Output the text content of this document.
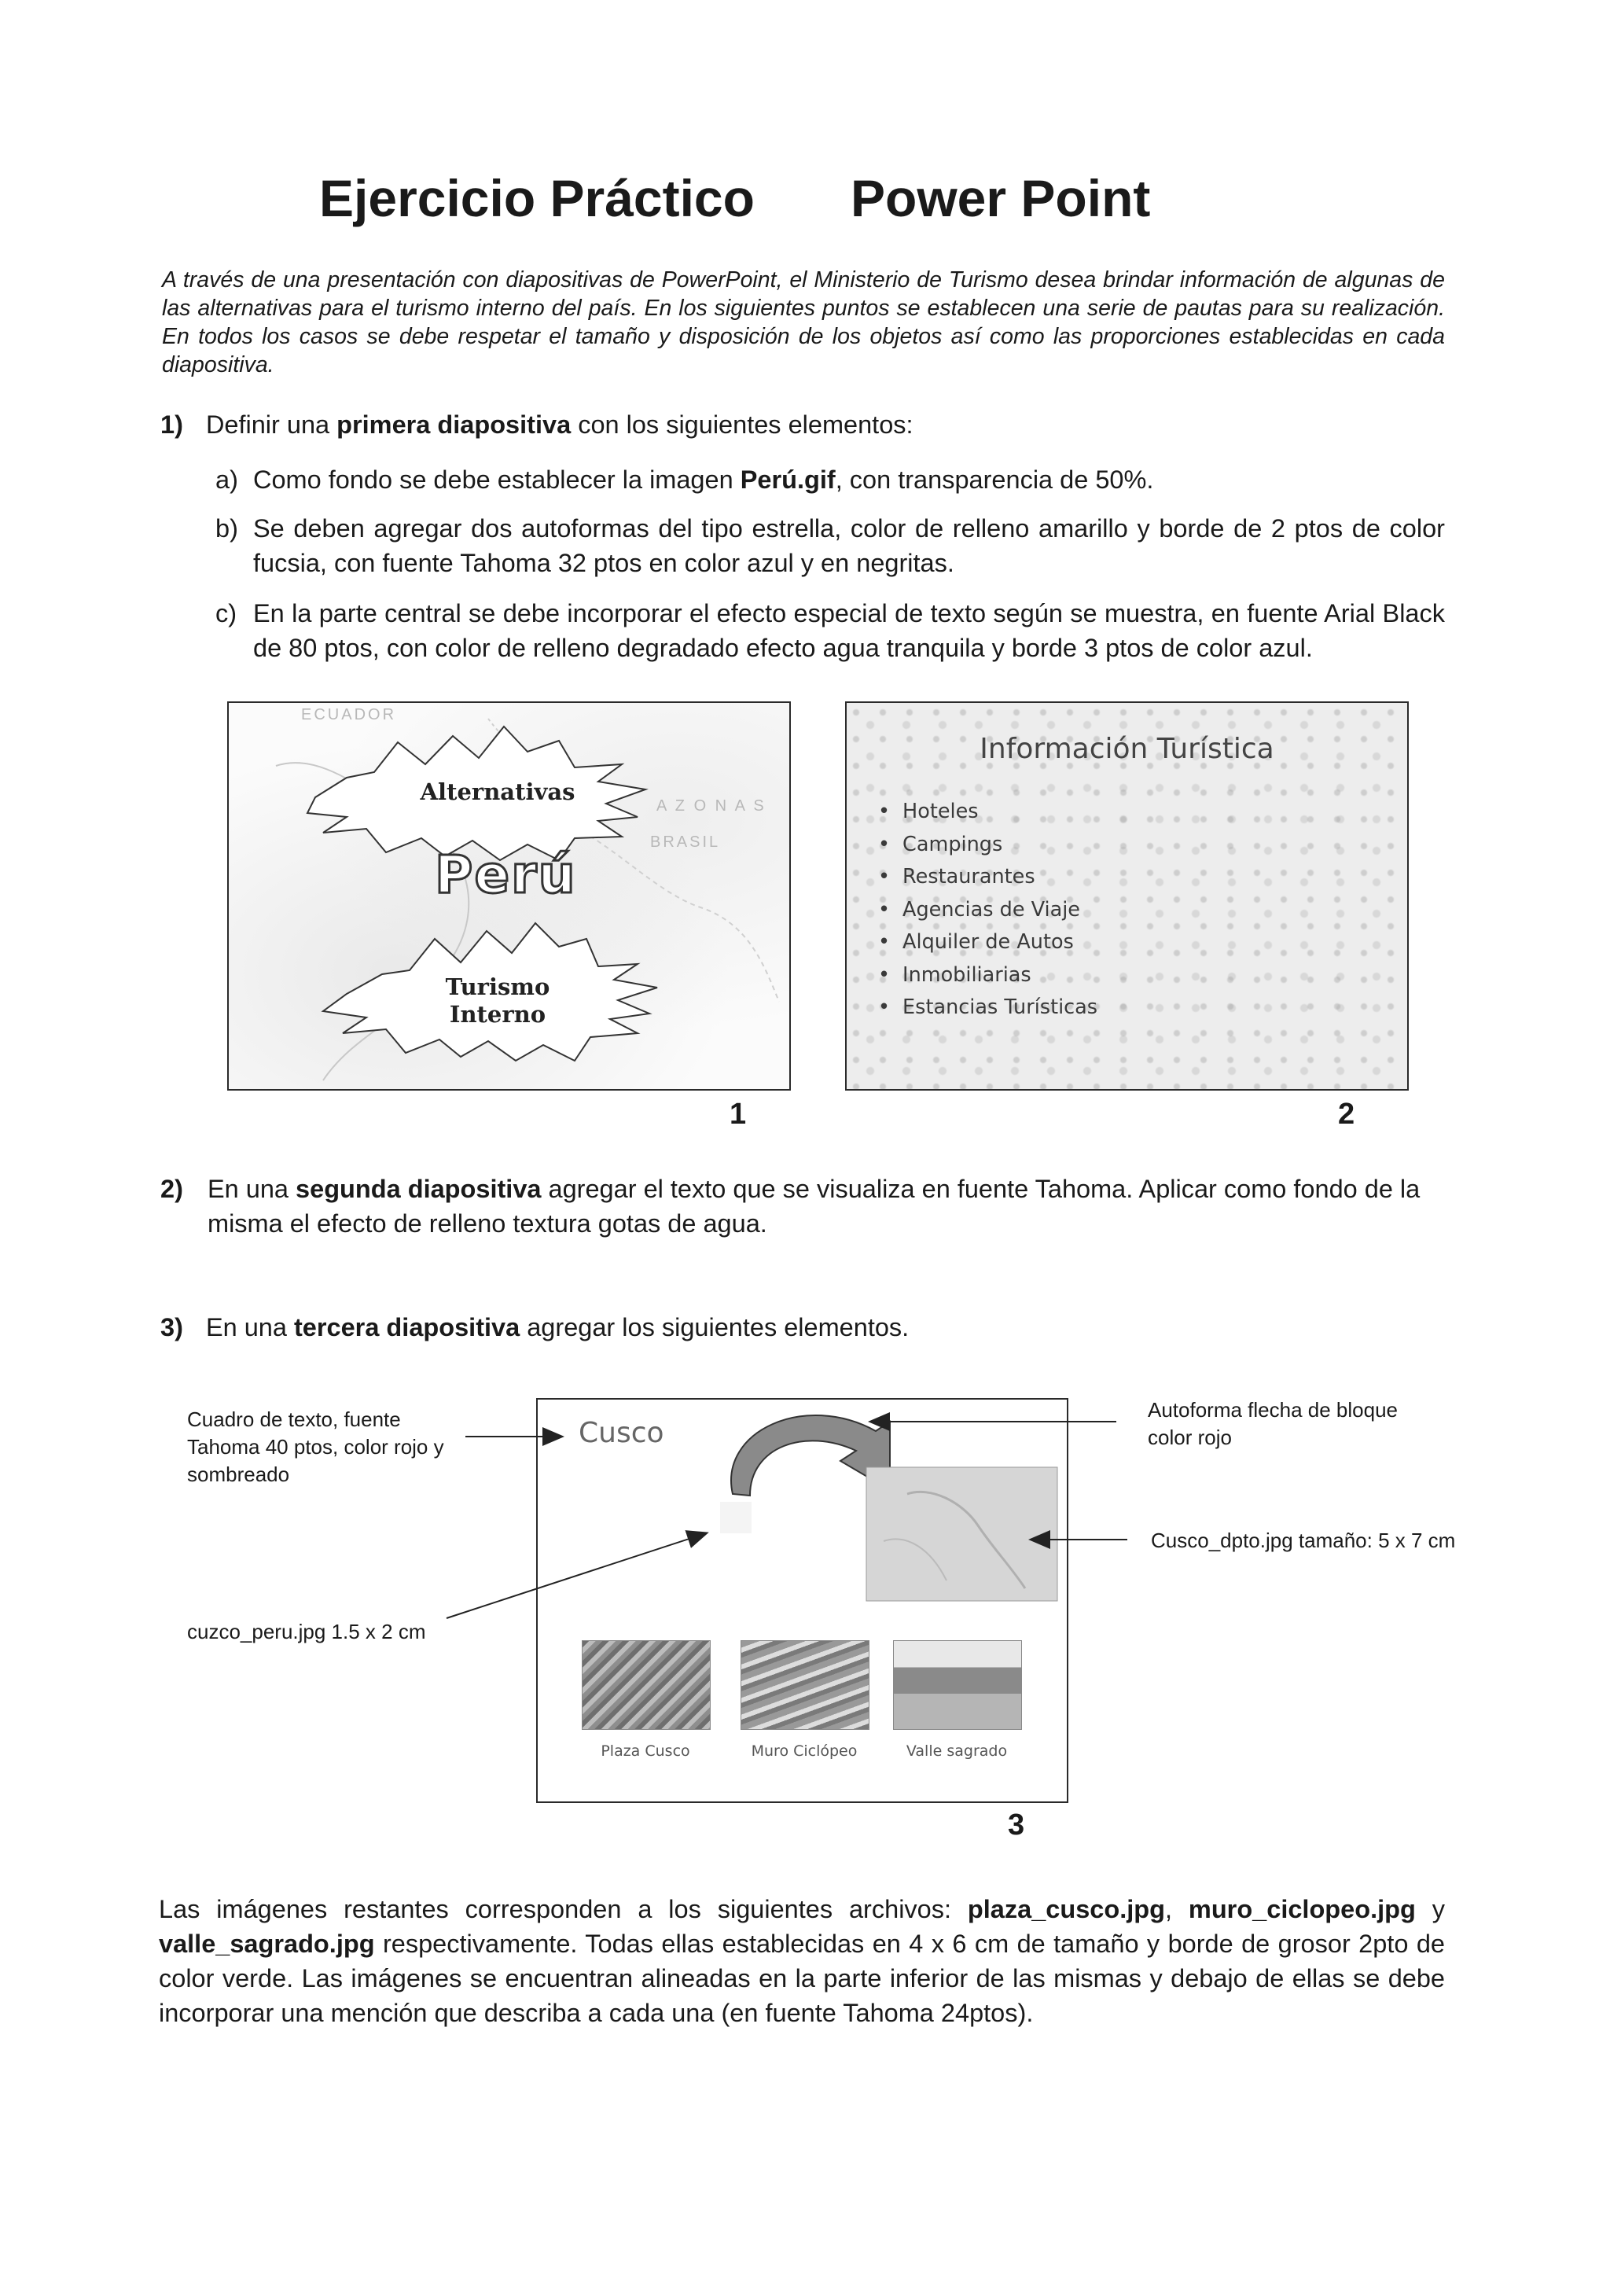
Ejercicio Práctico Power Point
A través de una presentación con diapositivas de PowerPoint, el Ministerio de Turismo desea brindar información de algunas de las alternativas para el turismo interno del país. En los siguientes puntos se establecen una serie de pautas para su realización. En todos los casos se debe respetar el tamaño y disposición de los objetos así como las proporciones establecidas en cada diapositiva.
1) Definir una primera diapositiva con los siguientes elementos:
a) Como fondo se debe establecer la imagen Perú.gif, con transparencia de 50%.
b) Se deben agregar dos autoformas del tipo estrella, color de relleno amarillo y borde de 2 ptos de color fucsia, con fuente Tahoma 32 ptos en color azul y en negritas.
c) En la parte central se debe incorporar el efecto especial de texto según se muestra, en fuente Arial Black de 80 ptos, con color de relleno degradado efecto agua tranquila y borde 3 ptos de color azul.
ECUADOR
BRASIL
A Z O N A S
Alternativas
Perú
Turismo
Interno
1
Información Turística
• Hoteles
• Campings
• Restaurantes
• Agencias de Viaje
• Alquiler de Autos
• Inmobiliarias
• Estancias Turísticas
2
2) En una segunda diapositiva agregar el texto que se visualiza en fuente Tahoma. Aplicar como fondo de la misma el efecto de relleno textura gotas de agua.
3) En una tercera diapositiva agregar los siguientes elementos.
Cusco
Plaza Cusco	Muro Ciclópeo	Valle sagrado
3
Cuadro de texto, fuente Tahoma 40 ptos, color rojo y sombreado
Autoforma flecha de bloque color rojo
Cusco_dpto.jpg tamaño: 5 x 7 cm
cuzco_peru.jpg 1.5 x 2 cm
Las imágenes restantes corresponden a los siguientes archivos: plaza_cusco.jpg, muro_ciclopeo.jpg y valle_sagrado.jpg respectivamente. Todas ellas establecidas en 4 x 6 cm de tamaño y borde de grosor 2pto de color verde. Las imágenes se encuentran alineadas en la parte inferior de las mismas y debajo de ellas se debe incorporar una mención que describa a cada una (en fuente Tahoma 24ptos).
